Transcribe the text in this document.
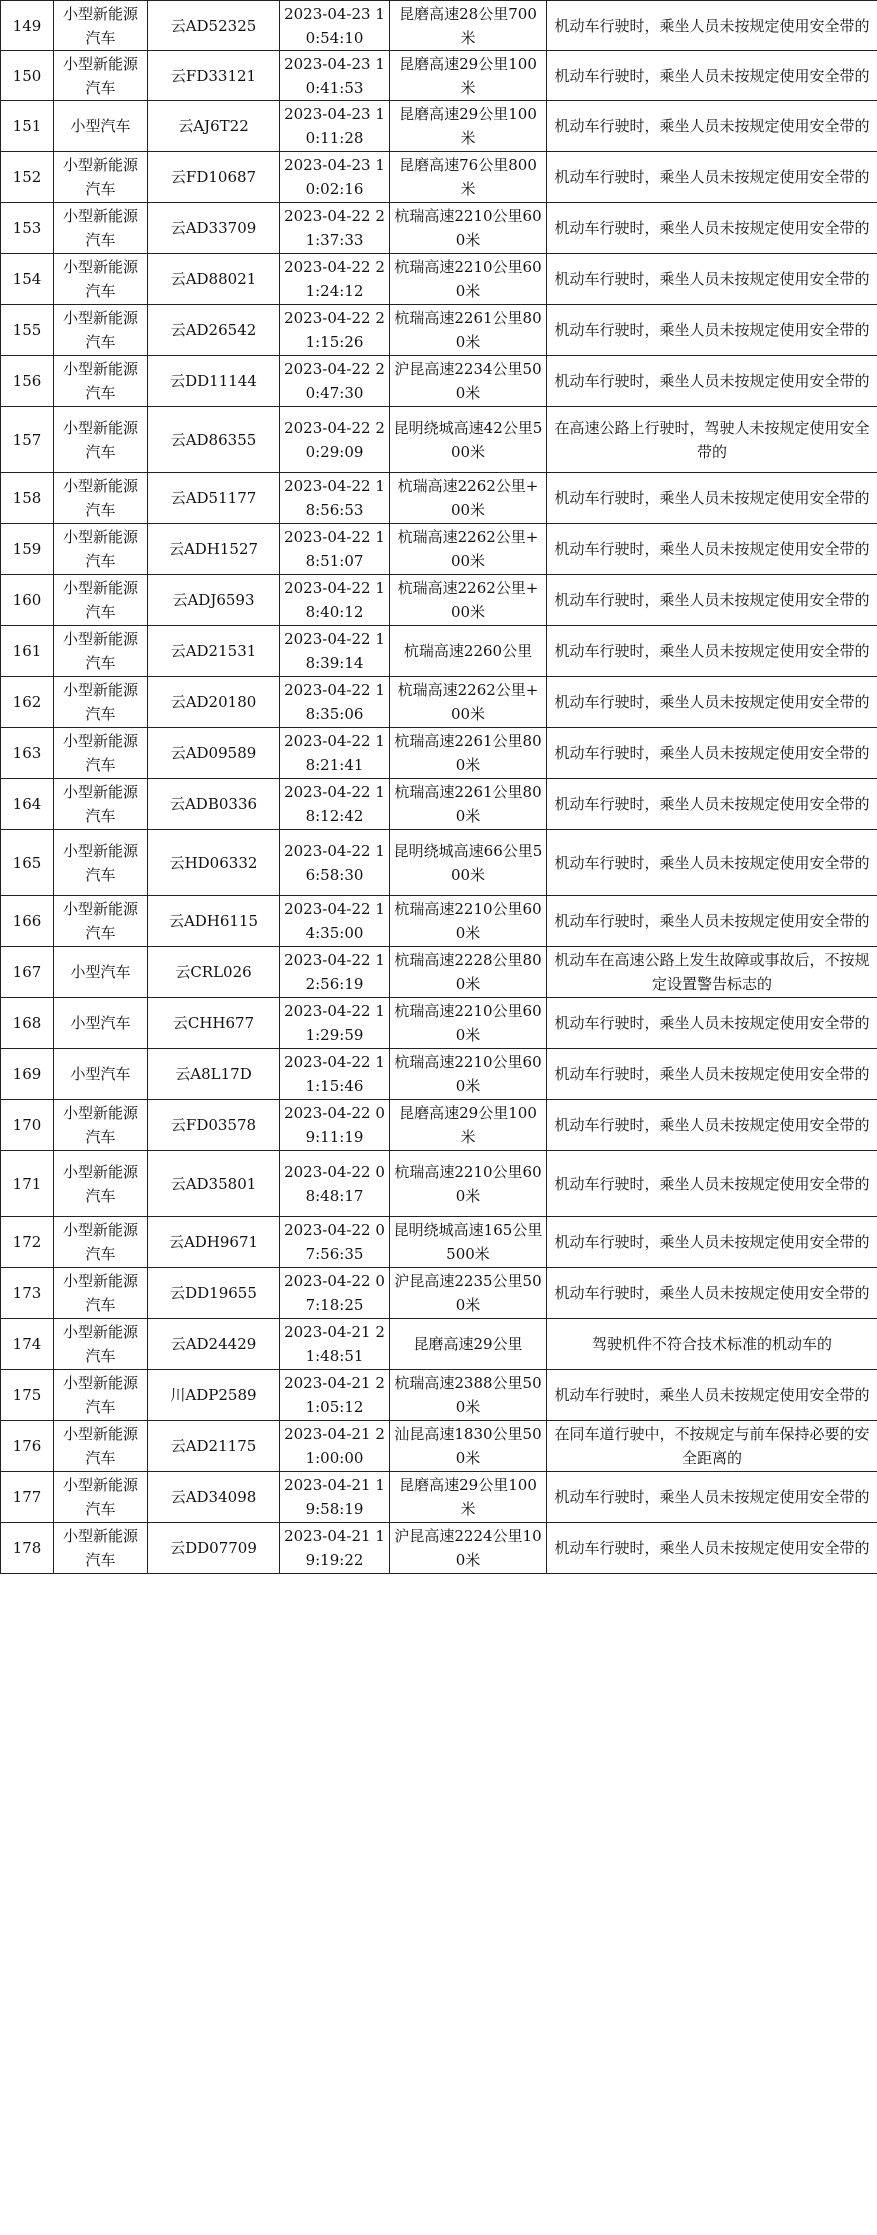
149	小型新能源汽车	云AD52325	2023-04-23 10:54:10	昆磨高速28公里700米	机动车行驶时，乘坐人员未按规定使用安全带的
150	小型新能源汽车	云FD33121	2023-04-23 10:41:53	昆磨高速29公里100米	机动车行驶时，乘坐人员未按规定使用安全带的
151	小型汽车	云AJ6T22	2023-04-23 10:11:28	昆磨高速29公里100米	机动车行驶时，乘坐人员未按规定使用安全带的
152	小型新能源汽车	云FD10687	2023-04-23 10:02:16	昆磨高速76公里800米	机动车行驶时，乘坐人员未按规定使用安全带的
153	小型新能源汽车	云AD33709	2023-04-22 21:37:33	杭瑞高速2210公里600米	机动车行驶时，乘坐人员未按规定使用安全带的
154	小型新能源汽车	云AD88021	2023-04-22 21:24:12	杭瑞高速2210公里600米	机动车行驶时，乘坐人员未按规定使用安全带的
155	小型新能源汽车	云AD26542	2023-04-22 21:15:26	杭瑞高速2261公里800米	机动车行驶时，乘坐人员未按规定使用安全带的
156	小型新能源汽车	云DD11144	2023-04-22 20:47:30	沪昆高速2234公里500米	机动车行驶时，乘坐人员未按规定使用安全带的
157	小型新能源汽车	云AD86355	2023-04-22 20:29:09	昆明绕城高速42公里500米	在高速公路上行驶时，驾驶人未按规定使用安全带的
158	小型新能源汽车	云AD51177	2023-04-22 18:56:53	杭瑞高速2262公里+00米	机动车行驶时，乘坐人员未按规定使用安全带的
159	小型新能源汽车	云ADH1527	2023-04-22 18:51:07	杭瑞高速2262公里+00米	机动车行驶时，乘坐人员未按规定使用安全带的
160	小型新能源汽车	云ADJ6593	2023-04-22 18:40:12	杭瑞高速2262公里+00米	机动车行驶时，乘坐人员未按规定使用安全带的
161	小型新能源汽车	云AD21531	2023-04-22 18:39:14	杭瑞高速2260公里	机动车行驶时，乘坐人员未按规定使用安全带的
162	小型新能源汽车	云AD20180	2023-04-22 18:35:06	杭瑞高速2262公里+00米	机动车行驶时，乘坐人员未按规定使用安全带的
163	小型新能源汽车	云AD09589	2023-04-22 18:21:41	杭瑞高速2261公里800米	机动车行驶时，乘坐人员未按规定使用安全带的
164	小型新能源汽车	云ADB0336	2023-04-22 18:12:42	杭瑞高速2261公里800米	机动车行驶时，乘坐人员未按规定使用安全带的
165	小型新能源汽车	云HD06332	2023-04-22 16:58:30	昆明绕城高速66公里500米	机动车行驶时，乘坐人员未按规定使用安全带的
166	小型新能源汽车	云ADH6115	2023-04-22 14:35:00	杭瑞高速2210公里600米	机动车行驶时，乘坐人员未按规定使用安全带的
167	小型汽车	云CRL026	2023-04-22 12:56:19	杭瑞高速2228公里800米	机动车在高速公路上发生故障或事故后，不按规定设置警告标志的
168	小型汽车	云CHH677	2023-04-22 11:29:59	杭瑞高速2210公里600米	机动车行驶时，乘坐人员未按规定使用安全带的
169	小型汽车	云A8L17D	2023-04-22 11:15:46	杭瑞高速2210公里600米	机动车行驶时，乘坐人员未按规定使用安全带的
170	小型新能源汽车	云FD03578	2023-04-22 09:11:19	昆磨高速29公里100米	机动车行驶时，乘坐人员未按规定使用安全带的
171	小型新能源汽车	云AD35801	2023-04-22 08:48:17	杭瑞高速2210公里600米	机动车行驶时，乘坐人员未按规定使用安全带的
172	小型新能源汽车	云ADH9671	2023-04-22 07:56:35	昆明绕城高速165公里500米	机动车行驶时，乘坐人员未按规定使用安全带的
173	小型新能源汽车	云DD19655	2023-04-22 07:18:25	沪昆高速2235公里500米	机动车行驶时，乘坐人员未按规定使用安全带的
174	小型新能源汽车	云AD24429	2023-04-21 21:48:51	昆磨高速29公里	驾驶机件不符合技术标准的机动车的
175	小型新能源汽车	川ADP2589	2023-04-21 21:05:12	杭瑞高速2388公里500米	机动车行驶时，乘坐人员未按规定使用安全带的
176	小型新能源汽车	云AD21175	2023-04-21 21:00:00	汕昆高速1830公里500米	在同车道行驶中，不按规定与前车保持必要的安全距离的
177	小型新能源汽车	云AD34098	2023-04-21 19:58:19	昆磨高速29公里100米	机动车行驶时，乘坐人员未按规定使用安全带的
178	小型新能源汽车	云DD07709	2023-04-21 19:19:22	沪昆高速2224公里100米	机动车行驶时，乘坐人员未按规定使用安全带的
